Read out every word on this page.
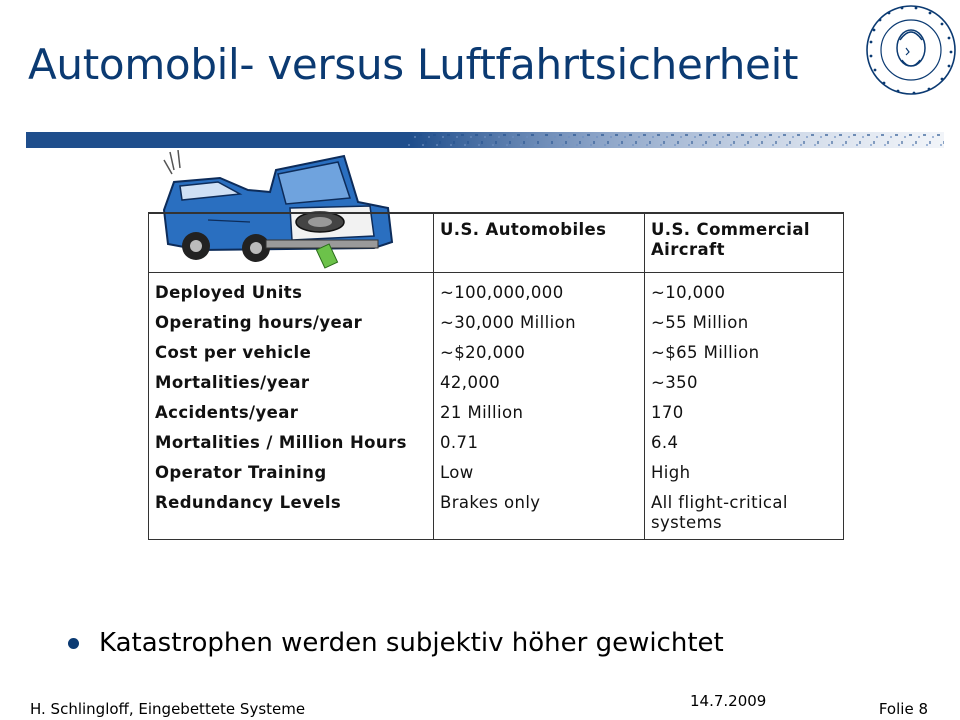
Automobil- versus Luftfahrtsicherheit
	U.S. Automobiles	U.S. Commercial Aircraft
Deployed Units	~100,000,000	~10,000
Operating hours/year	~30,000 Million	~55 Million
Cost per vehicle	~$20,000	~$65 Million
Mortalities/year	42,000	~350
Accidents/year	21 Million	170
Mortalities / Million Hours	0.71	6.4
Operator Training	Low	High
Redundancy Levels	Brakes only	All flight-critical systems
Katastrophen werden subjektiv höher gewichtet
H. Schlingloff, Eingebettete Systeme	14.7.2009	Folie 8
